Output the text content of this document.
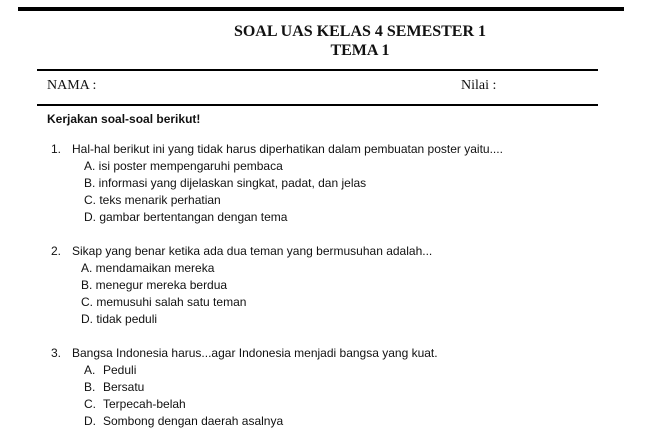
SOAL UAS KELAS 4 SEMESTER 1
TEMA 1
NAMA :	Nilai :
Kerjakan soal-soal berikut!
1. Hal-hal berikut ini yang tidak harus diperhatikan dalam pembuatan poster yaitu....
A. isi poster mempengaruhi pembaca
B. informasi yang dijelaskan singkat, padat, dan jelas
C. teks menarik perhatian
D. gambar bertentangan dengan tema
2. Sikap yang benar ketika ada dua teman yang bermusuhan adalah...
A. mendamaikan mereka
B. menegur mereka berdua
C. memusuhi salah satu teman
D. tidak peduli
3. Bangsa Indonesia harus...agar Indonesia menjadi bangsa yang kuat.
A. Peduli
B. Bersatu
C. Terpecah-belah
D. Sombong dengan daerah asalnya
